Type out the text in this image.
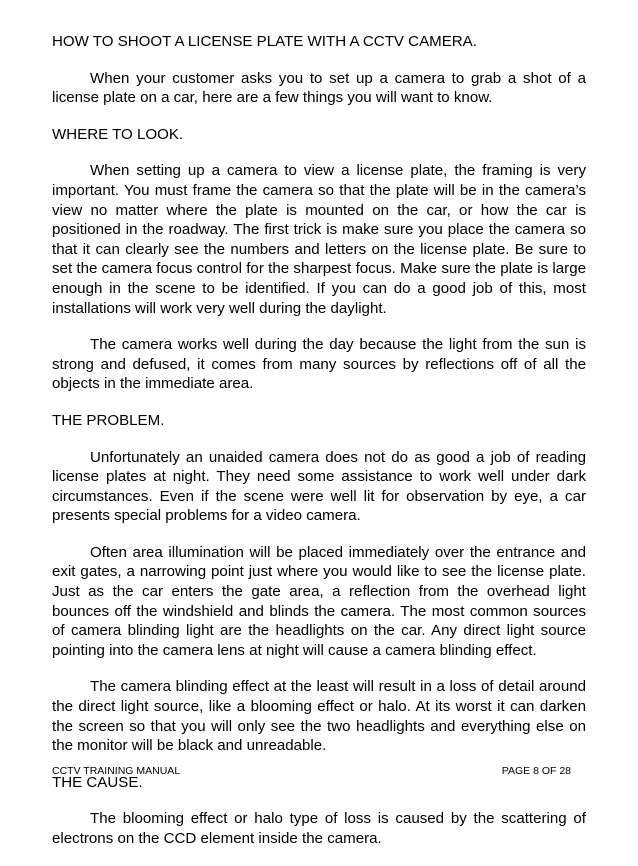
HOW TO SHOOT A LICENSE PLATE WITH A CCTV CAMERA.

When your customer asks you to set up a camera to grab a shot of a license plate on a car, here are a few things you will want to know.

WHERE TO LOOK.

When setting up a camera to view a license plate, the framing is very important. You must frame the camera so that the plate will be in the camera’s view no matter where the plate is mounted on the car, or how the car is positioned in the roadway. The first trick is make sure you place the camera so that it can clearly see the numbers and letters on the license plate. Be sure to set the camera focus control for the sharpest focus. Make sure the plate is large enough in the scene to be identified. If you can do a good job of this, most installations will work very well during the daylight.

The camera works well during the day because the light from the sun is strong and defused, it comes from many sources by reflections off of all the objects in the immediate area.

THE PROBLEM.

Unfortunately an unaided camera does not do as good a job of reading license plates at night. They need some assistance to work well under dark circumstances. Even if the scene were well lit for observation by eye, a car presents special problems for a video camera.

Often area illumination will be placed immediately over the entrance and exit gates, a narrowing point just where you would like to see the license plate. Just as the car enters the gate area, a reflection from the overhead light bounces off the windshield and blinds the camera. The most common sources of camera blinding light are the headlights on the car. Any direct light source pointing into the camera lens at night will cause a camera blinding effect.

The camera blinding effect at the least will result in a loss of detail around the direct light source, like a blooming effect or halo. At its worst it can darken the screen so that you will only see the two headlights and everything else on the monitor will be black and unreadable.

THE CAUSE.

The blooming effect or halo type of loss is caused by the scattering of electrons on the CCD element inside the camera.

CCTV TRAINING MANUAL	PAGE 8 OF 28
